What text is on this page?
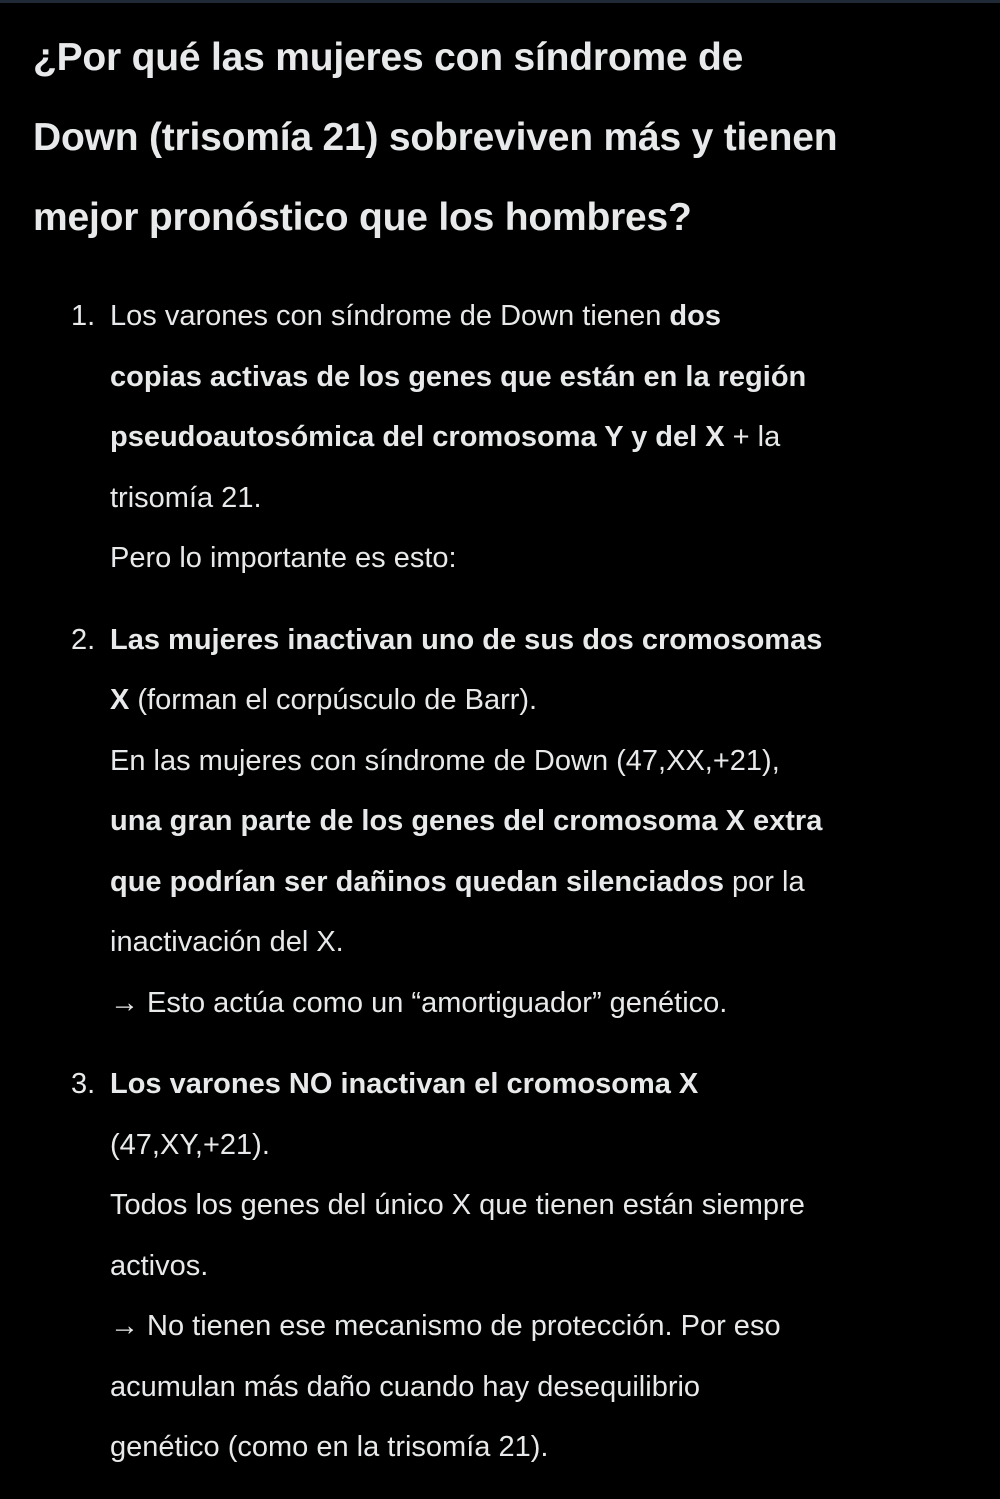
¿Por qué las mujeres con síndrome de
Down (trisomía 21) sobreviven más y tienen
mejor pronóstico que los hombres?
1. Los varones con síndrome de Down tienen dos
copias activas de los genes que están en la región
pseudoautosómica del cromosoma Y y del X + la
trisomía 21.
Pero lo importante es esto:
2. Las mujeres inactivan uno de sus dos cromosomas
X (forman el corpúsculo de Barr).
En las mujeres con síndrome de Down (47,XX,+21),
una gran parte de los genes del cromosoma X extra
que podrían ser dañinos quedan silenciados por la
inactivación del X.
→ Esto actúa como un “amortiguador” genético.
3. Los varones NO inactivan el cromosoma X
(47,XY,+21).
Todos los genes del único X que tienen están siempre
activos.
→ No tienen ese mecanismo de protección. Por eso
acumulan más daño cuando hay desequilibrio
genético (como en la trisomía 21).
